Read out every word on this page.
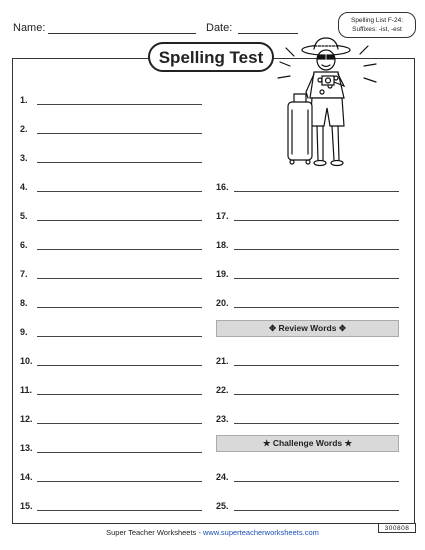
Name:	Date:
Spelling List F-24:
Suffixes: -ist, -est
Spelling Test
1.
2.
3.
4.
5.
6.
7.
8.
9.
10.
11.
12.
13.
14.
15.
16.
17.
18.
19.
20.
21.
22.
23.
24.
25.
✥ Review Words ✥
★ Challenge Words ★
Super Teacher Worksheets - www.superteacherworksheets.com	300808
